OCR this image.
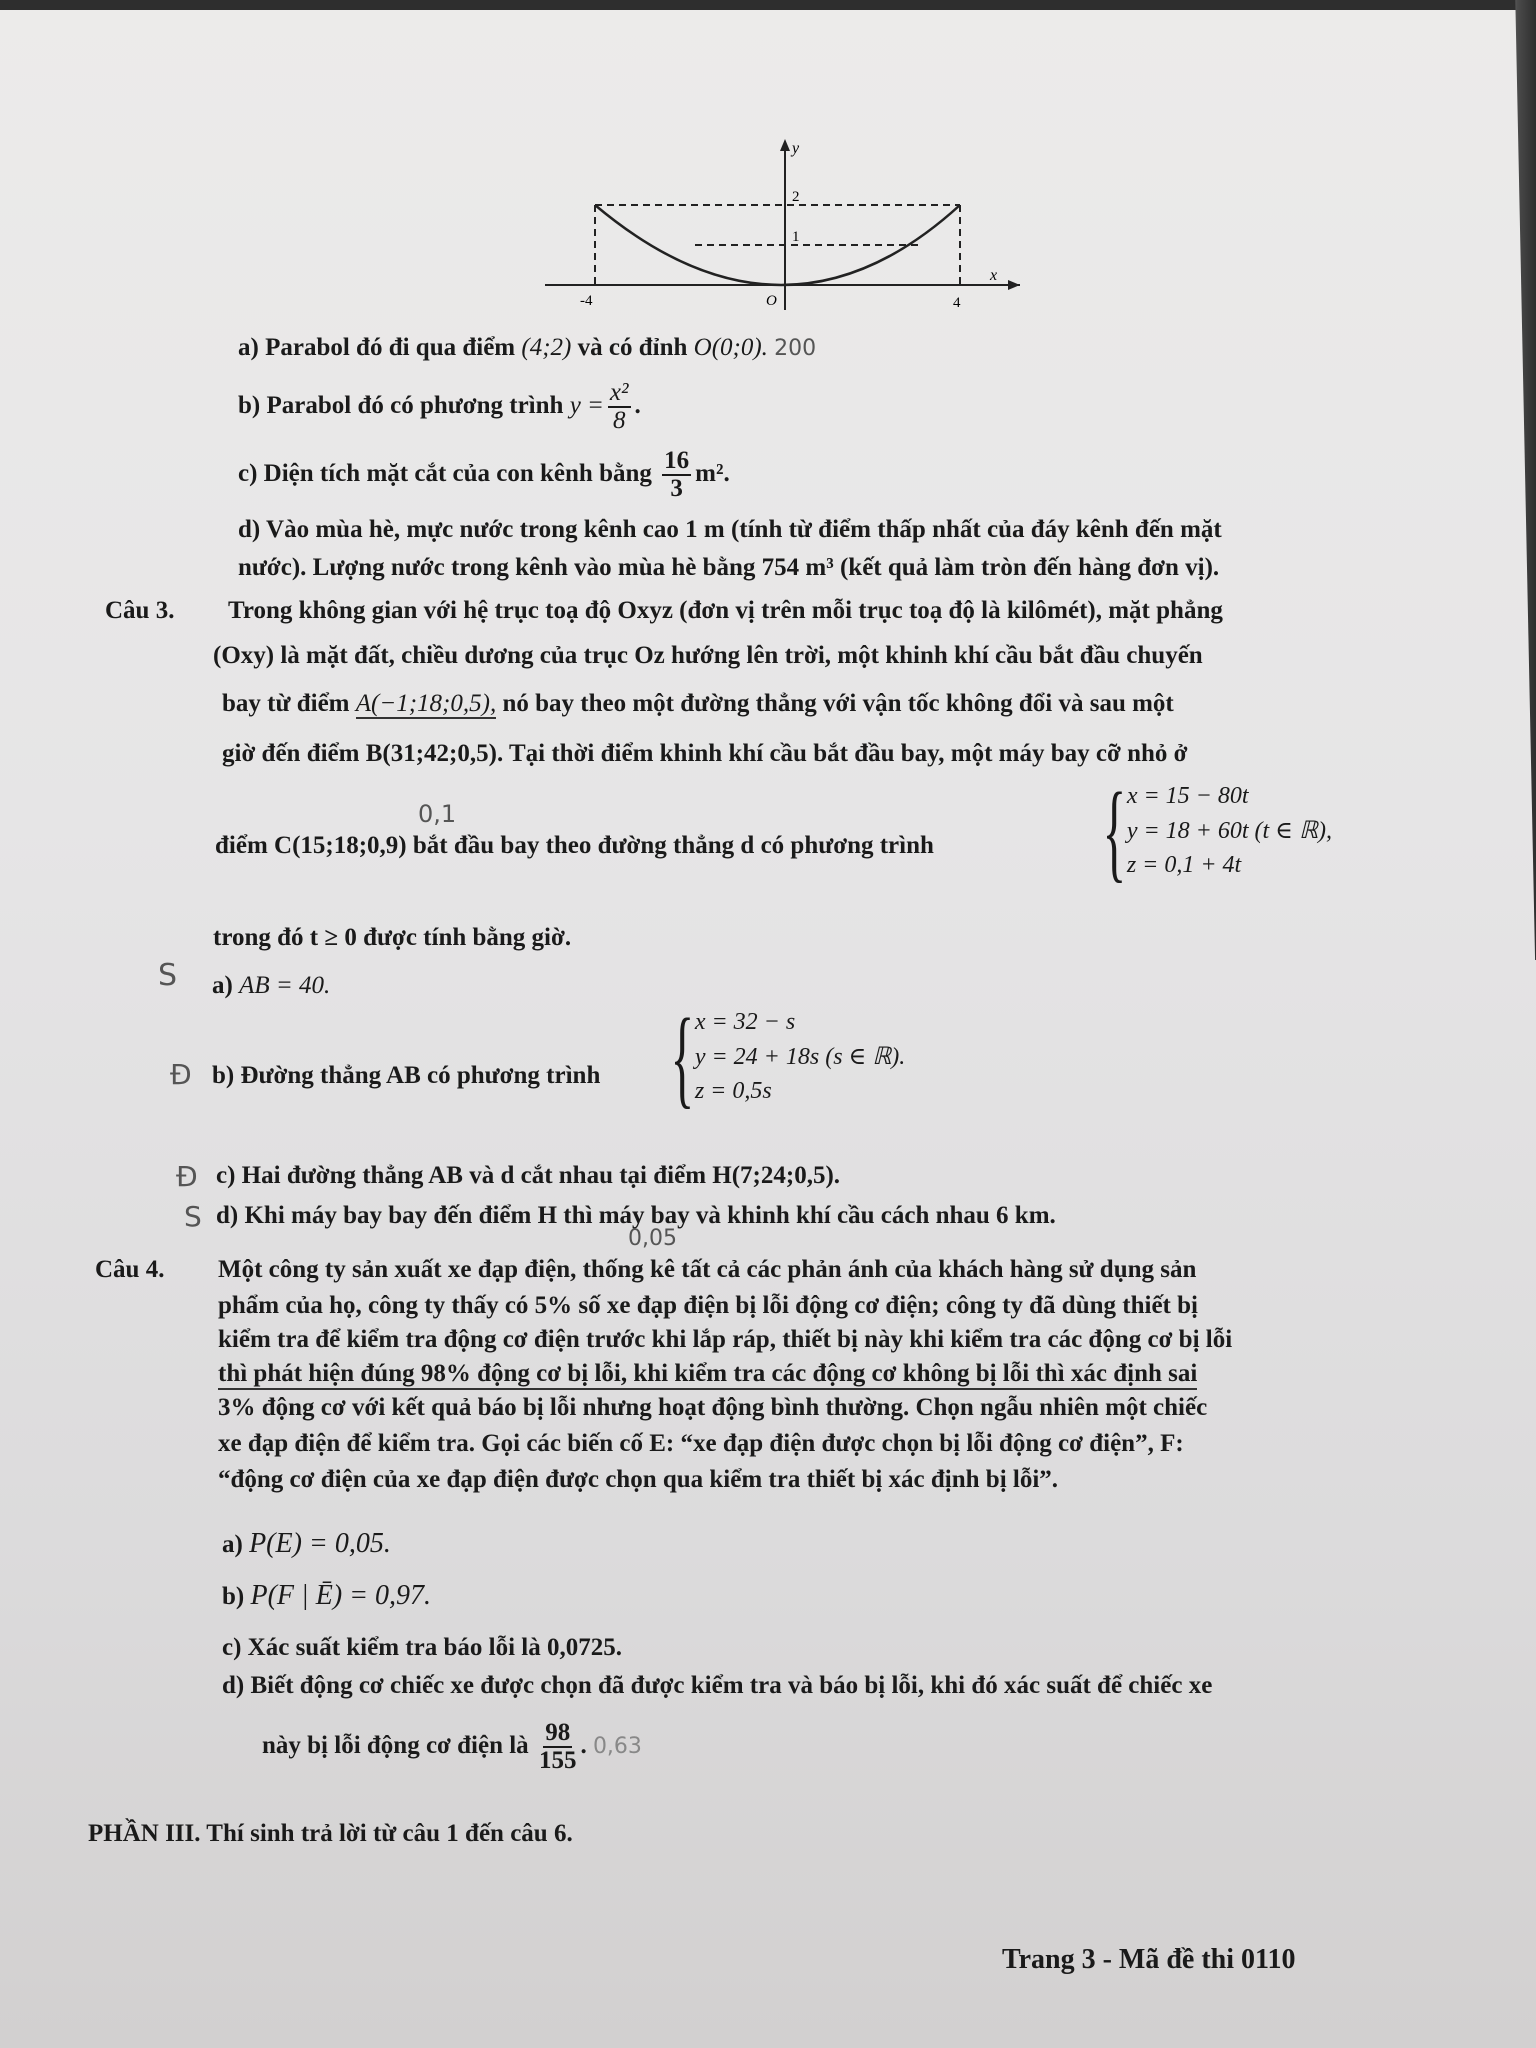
y
x
2
1
-4	4
O
a) Parabol đó đi qua điểm (4;2) và có đỉnh O(0;0). 200
b) Parabol đó có phương trình $y = \frac{\text{x²}}{8}$ .
c) Diện tích mặt cắt của con kênh bằng $\frac{16}{3} m^2$.
d) Vào mùa hè, mực nước trong kênh cao 1 m (tính từ điểm thấp nhất của đáy kênh đến mặt
nước). Lượng nước trong kênh vào mùa hè bằng 754 m³ (kết quả làm tròn đến hàng đơn vị).
Câu 3. Trong không gian với hệ trục toạ độ Oxyz (đơn vị trên mỗi trục toạ độ là kilômét), mặt phẳng
(Oxy) là mặt đất, chiều dương của trục Oz hướng lên trời, một khinh khí cầu bắt đầu chuyến
bay từ điểm A(−1;18;0,5), nó bay theo một đường thẳng với vận tốc không đổi và sau một
giờ đến điểm B(31;42;0,5). Tại thời điểm khinh khí cầu bắt đầu bay, một máy bay cỡ nhỏ ở
0,1
điểm C(15;18;0,9) bắt đầu bay theo đường thẳng d có phương trình { x = 15 − 80t
y = 18 + 60t (t ∈ ℝ),
z = 0,1 + 4t
trong đó t ≥ 0 được tính bằng giờ.
S a) AB = 40.
Đ b) Đường thẳng AB có phương trình { x = 32 − s
y = 24 + 18s (s ∈ ℝ).
z = 0,5s
Đ c) Hai đường thẳng AB và d cắt nhau tại điểm H(7;24;0,5).
S d) Khi máy bay bay đến điểm H thì máy bay và khinh khí cầu cách nhau 6 km.
0,05
Câu 4. Một công ty sản xuất xe đạp điện, thống kê tất cả các phản ánh của khách hàng sử dụng sản
phẩm của họ, công ty thấy có 5% số xe đạp điện bị lỗi động cơ điện; công ty đã dùng thiết bị
kiểm tra để kiểm tra động cơ điện trước khi lắp ráp, thiết bị này khi kiểm tra các động cơ bị lỗi
thì phát hiện đúng 98% động cơ bị lỗi, khi kiểm tra các động cơ không bị lỗi thì xác định sai
3% động cơ với kết quả báo bị lỗi nhưng hoạt động bình thường. Chọn ngẫu nhiên một chiếc
xe đạp điện để kiểm tra. Gọi các biến cố E: “xe đạp điện được chọn bị lỗi động cơ điện”, F:
“động cơ điện của xe đạp điện được chọn qua kiểm tra thiết bị xác định bị lỗi”.
a) P(E) = 0,05.
b) P(F | Ē) = 0,97.
c) Xác suất kiểm tra báo lỗi là 0,0725.
d) Biết động cơ chiếc xe được chọn đã được kiểm tra và báo bị lỗi, khi đó xác suất để chiếc xe
này bị lỗi động cơ điện là $\frac{98}{155}$ . 0,63
PHẦN III. Thí sinh trả lời từ câu 1 đến câu 6.
Trang 3 - Mã đề thi 0110
